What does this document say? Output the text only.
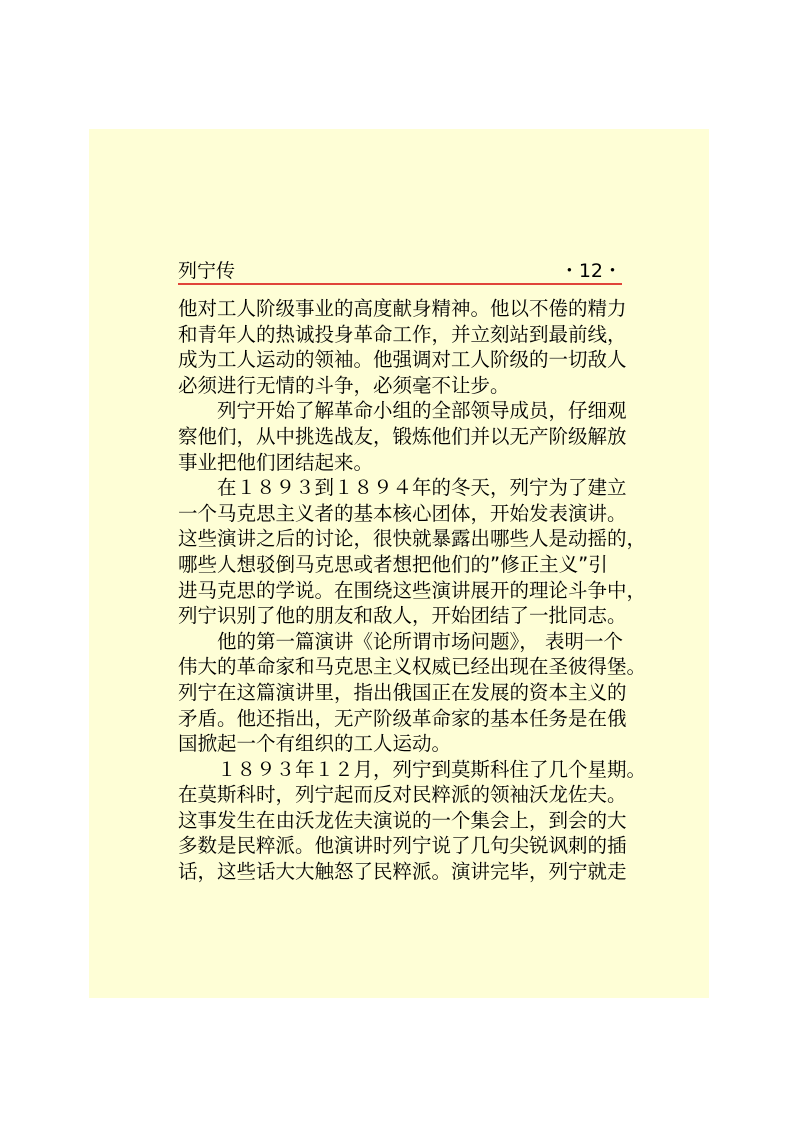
列宁传	・12・
他对工人阶级事业的高度献身精神。他以不倦的精力
和青年人的热诚投身革命工作，并立刻站到最前线，
成为工人运动的领袖。他强调对工人阶级的一切敌人
必须进行无情的斗争，必须毫不让步。
　　列宁开始了解革命小组的全部领导成员，仔细观
察他们，从中挑选战友，锻炼他们并以无产阶级解放
事业把他们团结起来。
　　在１８９３到１８９４年的冬天，列宁为了建立
一个马克思主义者的基本核心团体，开始发表演讲。
这些演讲之后的讨论，很快就暴露出哪些人是动摇的，
哪些人想驳倒马克思或者想把他们的”修正主义”引
进马克思的学说。在围绕这些演讲展开的理论斗争中，
列宁识别了他的朋友和敌人，开始团结了一批同志。
　　他的第一篇演讲《论所谓市场问题》， 表明一个
伟大的革命家和马克思主义权威已经出现在圣彼得堡。
列宁在这篇演讲里，指出俄国正在发展的资本主义的
矛盾。他还指出，无产阶级革命家的基本任务是在俄
国掀起一个有组织的工人运动。
　　１８９３年１２月，列宁到莫斯科住了几个星期。
在莫斯科时，列宁起而反对民粹派的领袖沃龙佐夫。
这事发生在由沃龙佐夫演说的一个集会上，到会的大
多数是民粹派。他演讲时列宁说了几句尖锐讽刺的插
话，这些话大大触怒了民粹派。演讲完毕，列宁就走
